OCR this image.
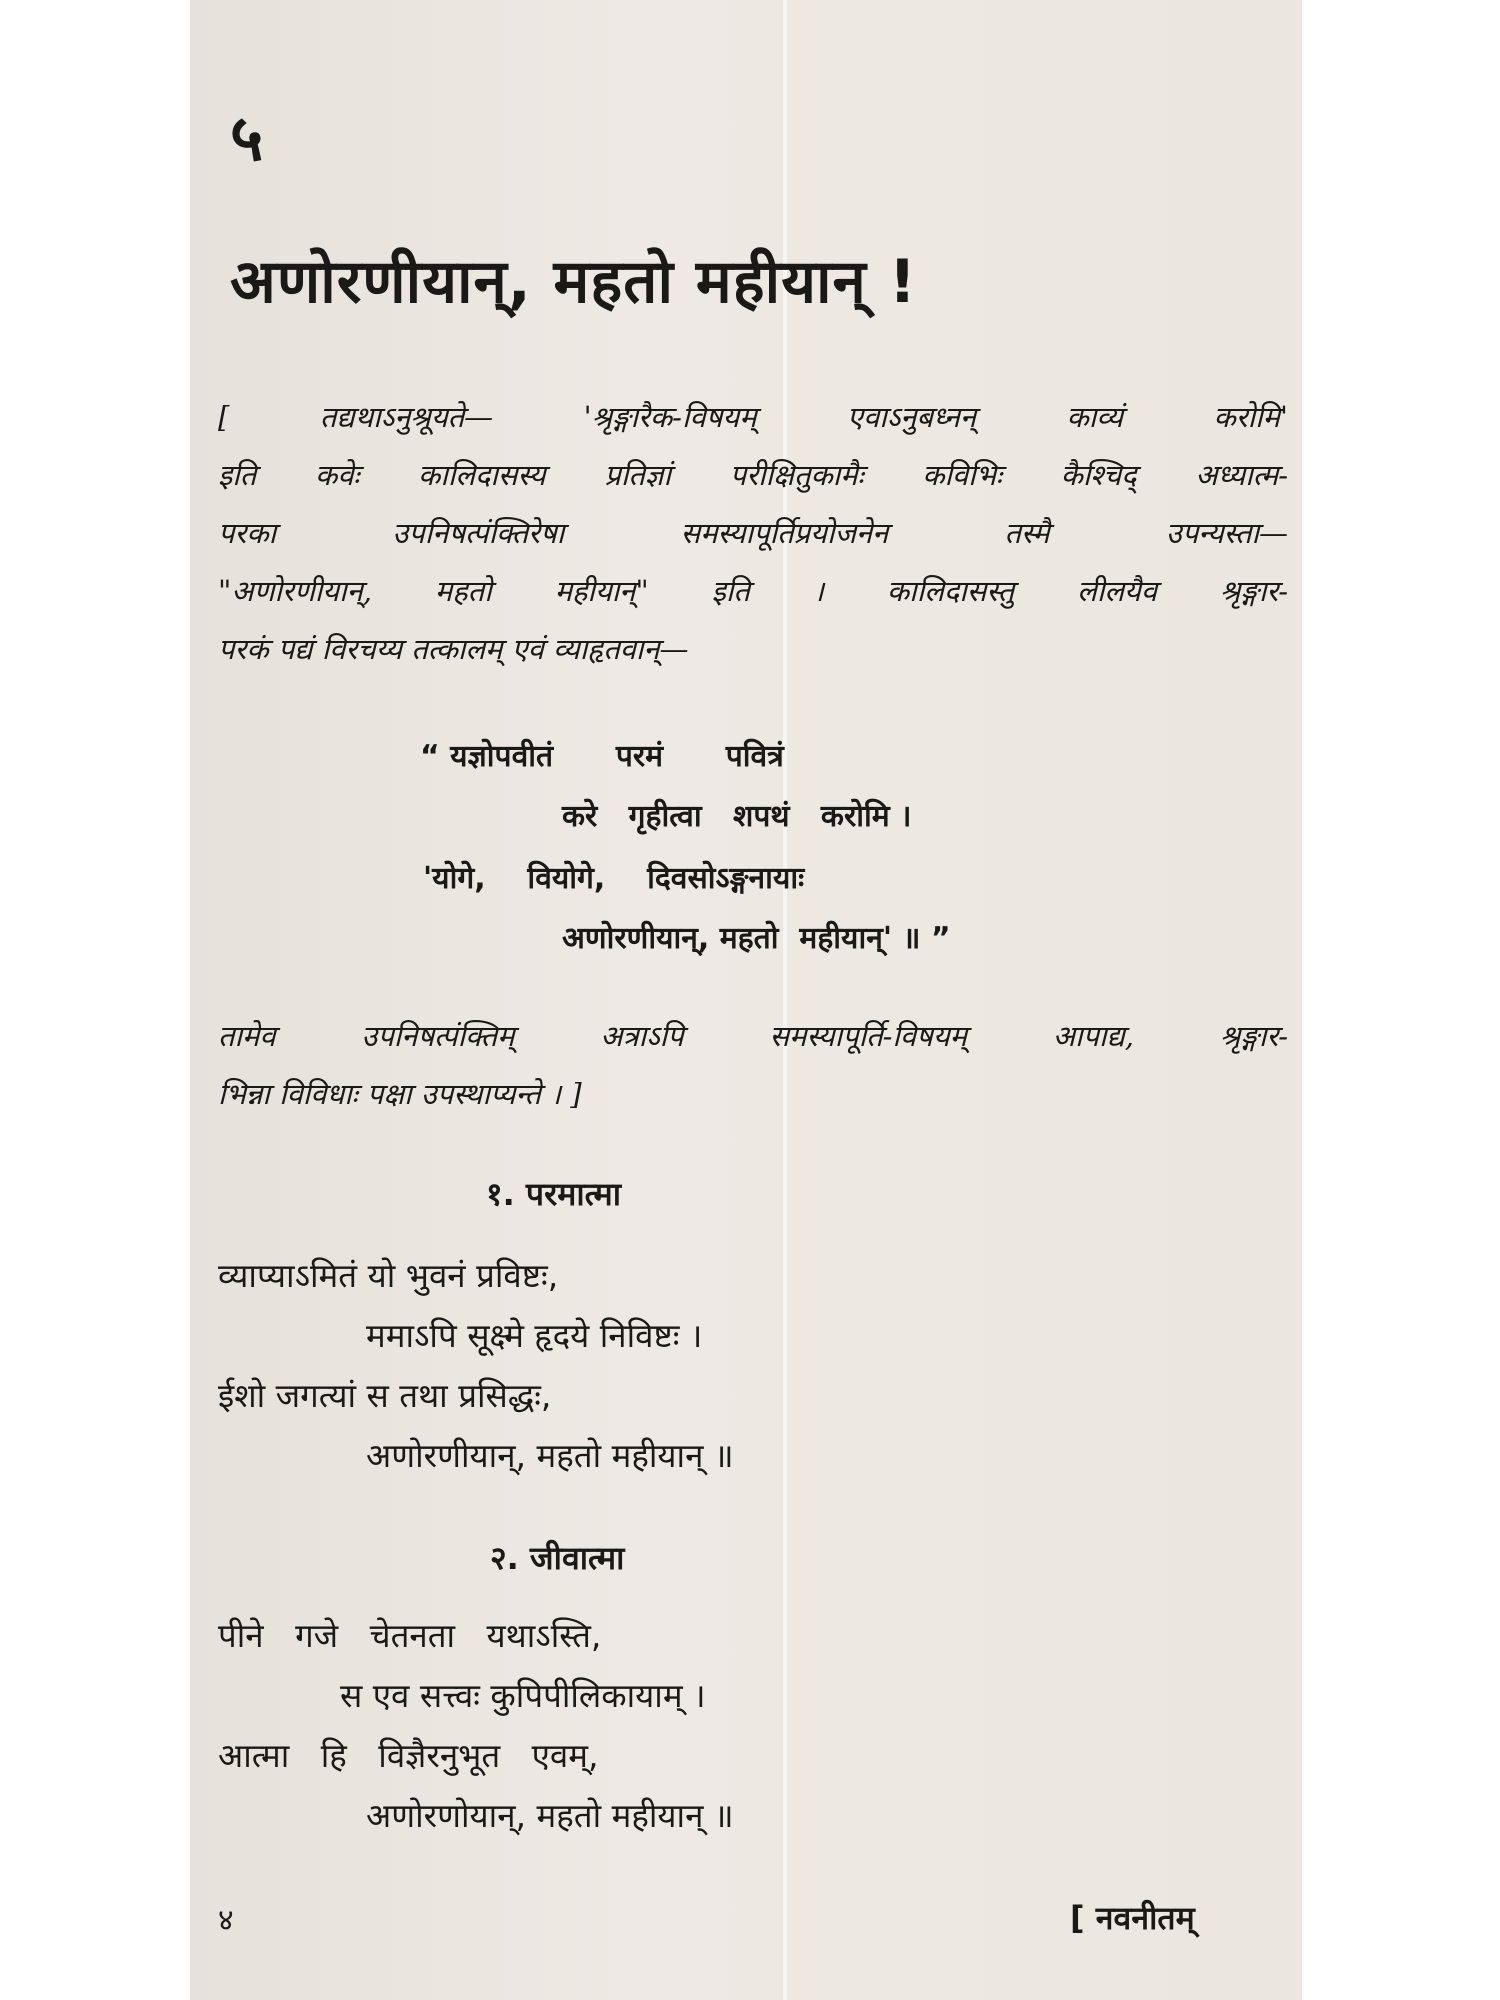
५
अणोरणीयान्, महतो महीयान् !
[ तद्यथाऽनुश्रूयते— 'श्रृङ्गारैक-विषयम् एवाऽनुबध्नन् काव्यं करोमि'
इति कवेः कालिदासस्य प्रतिज्ञां परीक्षितुकामैः कविभिः कैश्चिद् अध्यात्म-
परका उपनिषत्पंक्तिरेषा समस्यापूर्तिप्रयोजनेन तस्मै उपन्यस्ता—
"अणोरणीयान्, महतो महीयान्" इति । कालिदासस्तु लीलयैव श्रृङ्गार-
परकं पद्यं विरचय्य तत्कालम् एवं व्याहृतवान्—
“ यज्ञोपवीतं      परमं      पवित्रं
करे   गृहीत्वा   शपथं   करोमि ।
'योगे,    वियोगे,    दिवसोऽङ्गनायाः
अणोरणीयान्, महतो  महीयान्' ॥ ”
तामेव उपनिषत्पंक्तिम् अत्राऽपि समस्यापूर्ति-विषयम् आपाद्य, श्रृङ्गार-
भिन्ना विविधाः पक्षा उपस्थाप्यन्ते । ]
१. परमात्मा
व्याप्याऽमितं यो भुवनं प्रविष्टः,
ममाऽपि सूक्ष्मे हृदये निविष्टः ।
ईशो जगत्यां स तथा प्रसिद्धः,
अणोरणीयान्, महतो महीयान् ॥
२. जीवात्मा
पीने   गजे   चेतनता   यथाऽस्ति,
स एव सत्त्वः कुपिपीलिकायाम् ।
आत्मा   हि   विज्ञैरनुभूत   एवम्,
अणोरणोयान्, महतो महीयान् ॥
४	[ नवनीतम्
